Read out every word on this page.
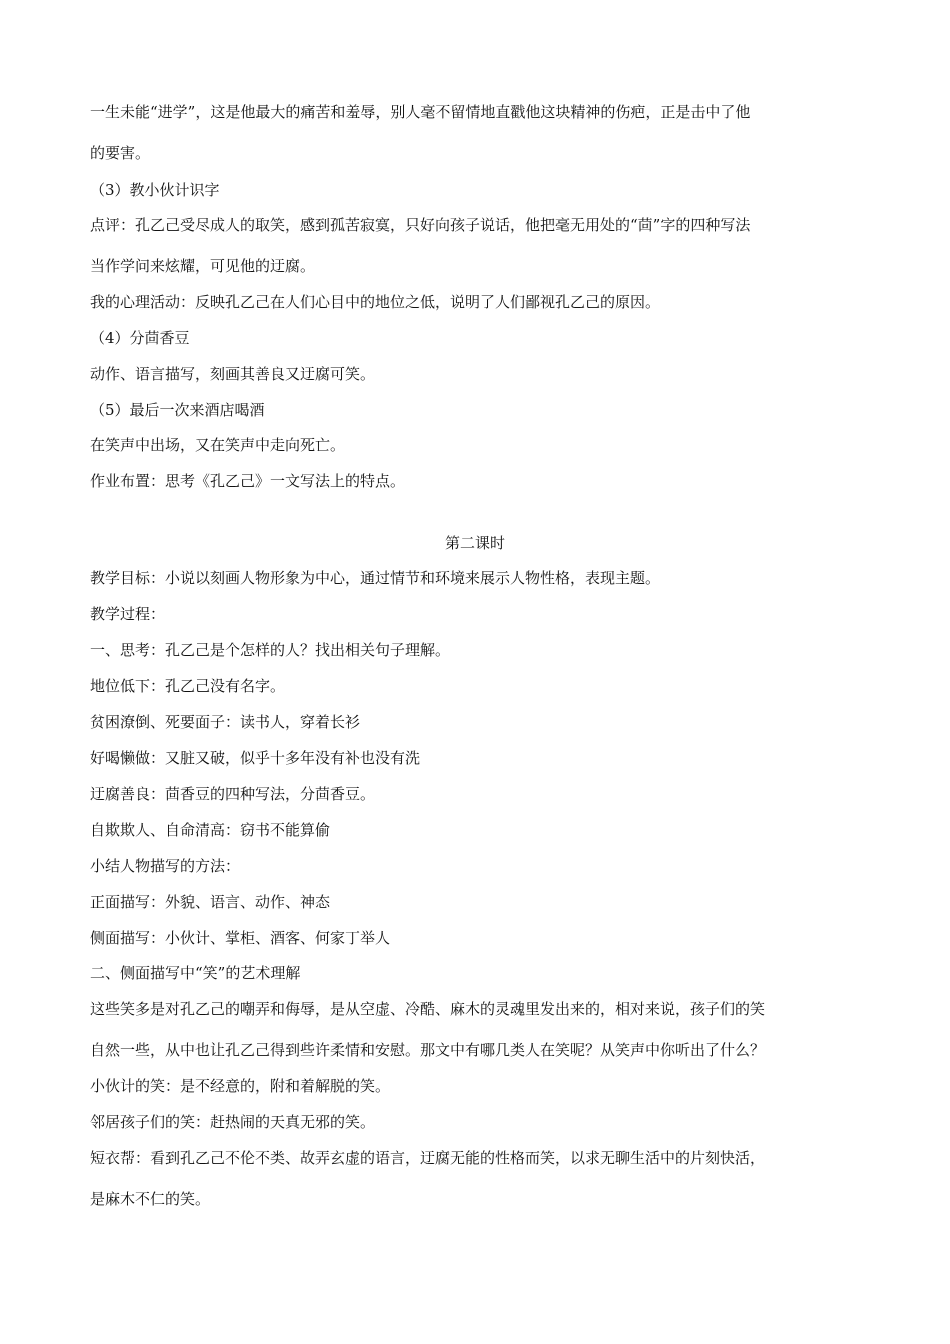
一生未能“进学”，这是他最大的痛苦和羞辱，别人毫不留情地直戳他这块精神的伤疤，正是击中了他
的要害。
（3）教小伙计识字
点评：孔乙己受尽成人的取笑，感到孤苦寂寞，只好向孩子说话，他把毫无用处的“茴”字的四种写法
当作学问来炫耀，可见他的迂腐。
我的心理活动：反映孔乙己在人们心目中的地位之低，说明了人们鄙视孔乙己的原因。
（4）分茴香豆
动作、语言描写，刻画其善良又迂腐可笑。
（5）最后一次来酒店喝酒
在笑声中出场，又在笑声中走向死亡。
作业布置：思考《孔乙己》一文写法上的特点。
第二课时
教学目标：小说以刻画人物形象为中心，通过情节和环境来展示人物性格，表现主题。
教学过程：
一、思考：孔乙己是个怎样的人？找出相关句子理解。
地位低下：孔乙己没有名字。
贫困潦倒、死要面子：读书人，穿着长衫
好喝懒做：又脏又破，似乎十多年没有补也没有洗
迂腐善良：茴香豆的四种写法，分茴香豆。
自欺欺人、自命清高：窃书不能算偷
小结人物描写的方法：
正面描写：外貌、语言、动作、神态
侧面描写：小伙计、掌柜、酒客、何家丁举人
二、侧面描写中“笑”的艺术理解
这些笑多是对孔乙己的嘲弄和侮辱，是从空虚、冷酷、麻木的灵魂里发出来的，相对来说，孩子们的笑
自然一些，从中也让孔乙己得到些许柔情和安慰。那文中有哪几类人在笑呢？从笑声中你听出了什么？
小伙计的笑：是不经意的，附和着解脱的笑。
邻居孩子们的笑：赶热闹的天真无邪的笑。
短衣帮：看到孔乙己不伦不类、故弄玄虚的语言，迂腐无能的性格而笑，以求无聊生活中的片刻快活，
是麻木不仁的笑。
